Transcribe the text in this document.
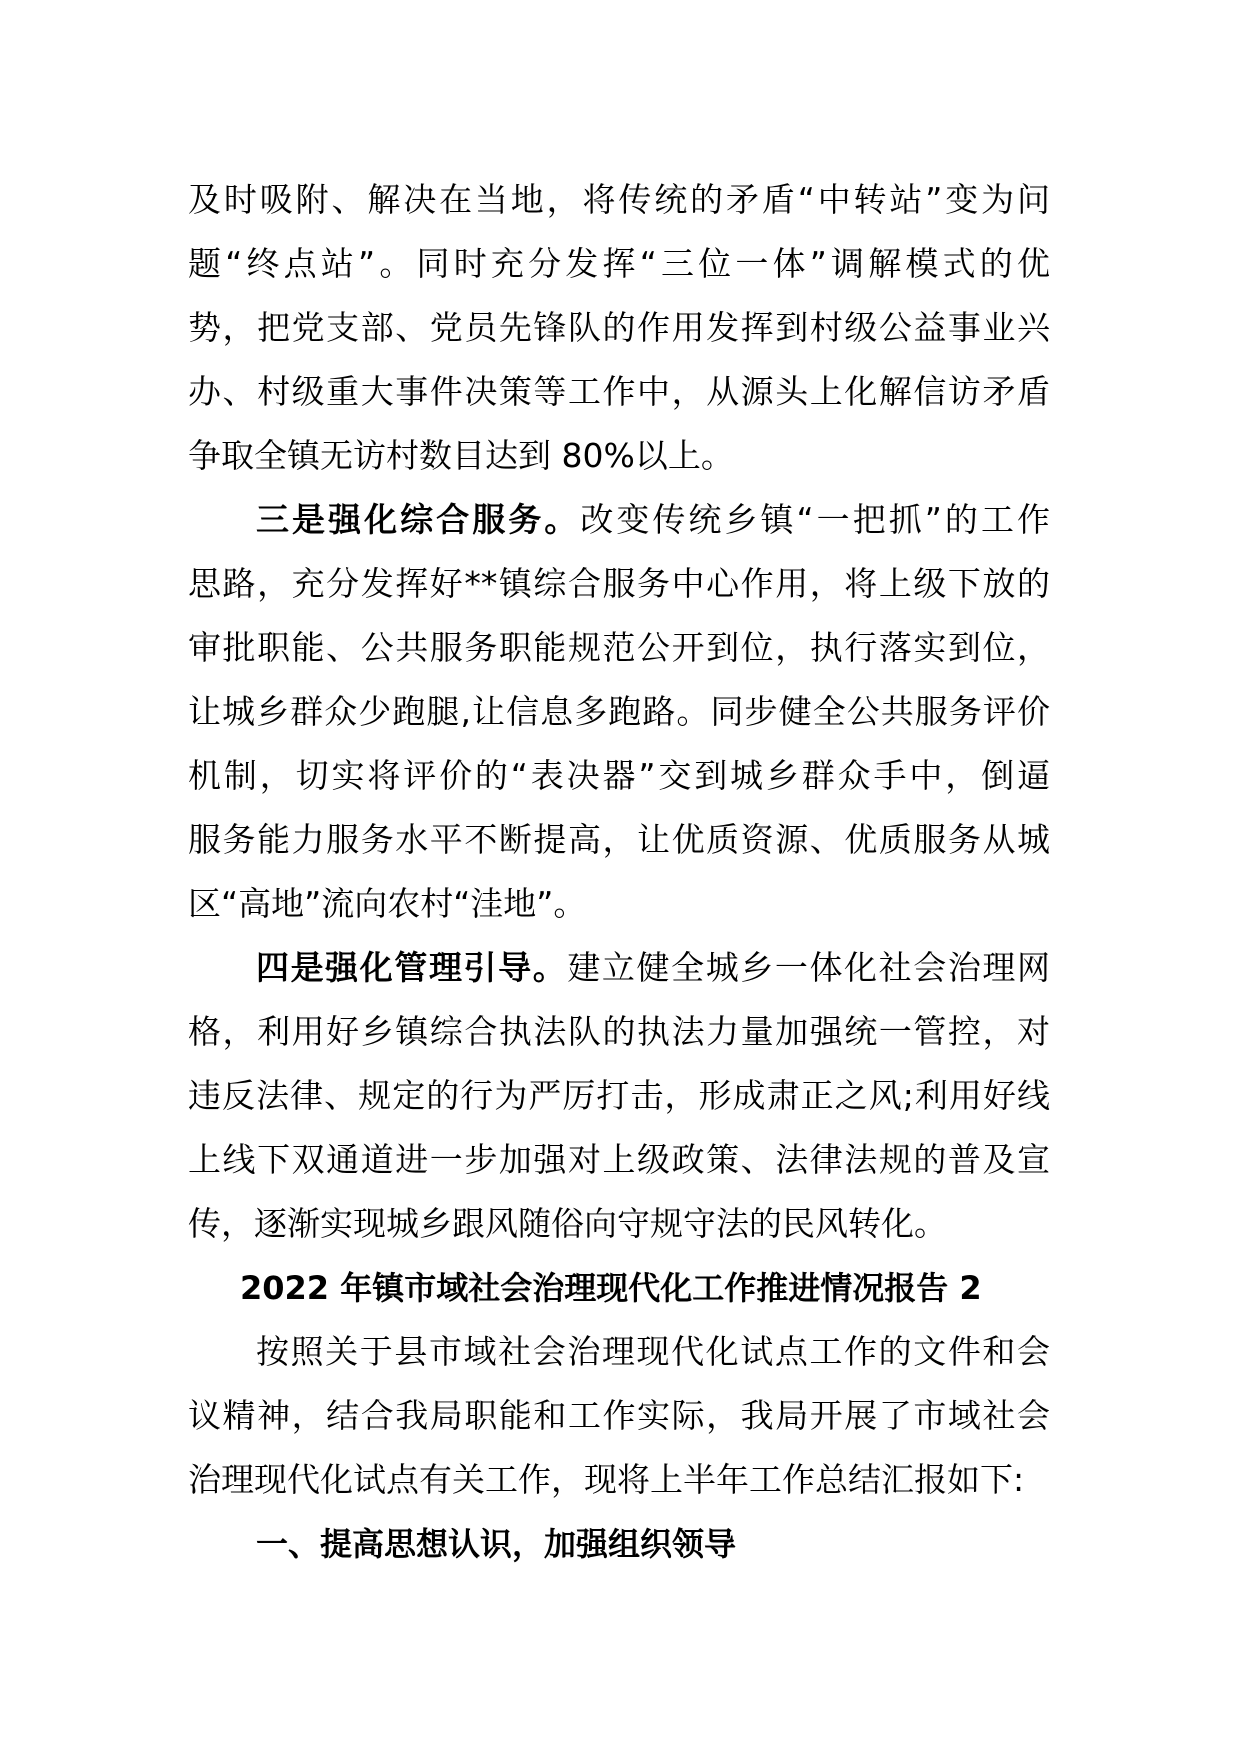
及时吸附、解决在当地，将传统的矛盾“中转站”变为问
题“终点站”。同时充分发挥“三位一体”调解模式的优
势，把党支部、党员先锋队的作用发挥到村级公益事业兴
办、村级重大事件决策等工作中，从源头上化解信访矛盾
争取全镇无访村数目达到 80%以上。
三是强化综合服务。改变传统乡镇“一把抓”的工作
思路，充分发挥好**镇综合服务中心作用，将上级下放的
审批职能、公共服务职能规范公开到位，执行落实到位，
让城乡群众少跑腿,让信息多跑路。同步健全公共服务评价
机制，切实将评价的“表决器”交到城乡群众手中，倒逼
服务能力服务水平不断提高，让优质资源、优质服务从城
区“高地”流向农村“洼地”。
四是强化管理引导。建立健全城乡一体化社会治理网
格，利用好乡镇综合执法队的执法力量加强统一管控，对
违反法律、规定的行为严厉打击，形成肃正之风;利用好线
上线下双通道进一步加强对上级政策、法律法规的普及宣
传，逐渐实现城乡跟风随俗向守规守法的民风转化。
2022 年镇市域社会治理现代化工作推进情况报告 2
按照关于县市域社会治理现代化试点工作的文件和会
议精神，结合我局职能和工作实际，我局开展了市域社会
治理现代化试点有关工作，现将上半年工作总结汇报如下:
一、提高思想认识，加强组织领导
